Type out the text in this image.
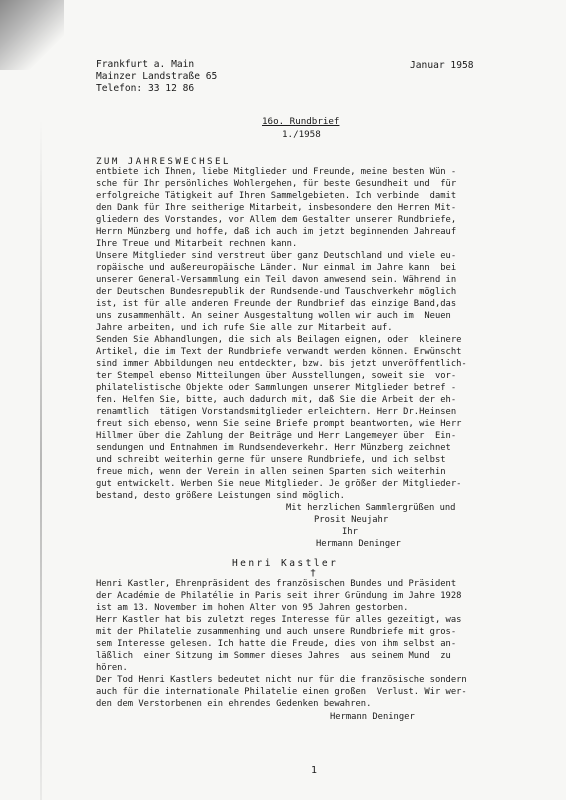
Frankfurt a. Main
Mainzer Landstraße 65
Telefon: 33 12 86
Januar 1958
16o. Rundbrief
1./1958
ZUM JAHRESWECHSEL
entbiete ich Ihnen, liebe Mitglieder und Freunde, meine besten Wün -
sche für Ihr persönliches Wohlergehen, für beste Gesundheit und  für
erfolgreiche Tätigkeit auf Ihren Sammelgebieten. Ich verbinde  damit
den Dank für Ihre seitherige Mitarbeit, insbesondere den Herren Mit-
gliedern des Vorstandes, vor Allem dem Gestalter unserer Rundbriefe,
Herrn Münzberg und hoffe, daß ich auch im jetzt beginnenden Jahreauf
Ihre Treue und Mitarbeit rechnen kann.
Unsere Mitglieder sind verstreut über ganz Deutschland und viele eu-
ropäische und außereuropäische Länder. Nur einmal im Jahre kann  bei
unserer General-Versammlung ein Teil davon anwesend sein. Während in
der Deutschen Bundesrepublik der Rundsende-und Tauschverkehr möglich
ist, ist für alle anderen Freunde der Rundbrief das einzige Band,das
uns zusammenhält. An seiner Ausgestaltung wollen wir auch im  Neuen
Jahre arbeiten, und ich rufe Sie alle zur Mitarbeit auf.
Senden Sie Abhandlungen, die sich als Beilagen eignen, oder  kleinere
Artikel, die im Text der Rundbriefe verwandt werden können. Erwünscht
sind immer Abbildungen neu entdeckter, bzw. bis jetzt unveröffentlich-
ter Stempel ebenso Mitteilungen über Ausstellungen, soweit sie  vor-
philatelistische Objekte oder Sammlungen unserer Mitglieder betref -
fen. Helfen Sie, bitte, auch dadurch mit, daß Sie die Arbeit der eh-
renamtlich  tätigen Vorstandsmitglieder erleichtern. Herr Dr.Heinsen
freut sich ebenso, wenn Sie seine Briefe prompt beantworten, wie Herr
Hillmer über die Zahlung der Beiträge und Herr Langemeyer über  Ein-
sendungen und Entnahmen im Rundsendeverkehr. Herr Münzberg zeichnet
und schreibt weiterhin gerne für unsere Rundbriefe, und ich selbst
freue mich, wenn der Verein in allen seinen Sparten sich weiterhin
gut entwickelt. Werben Sie neue Mitglieder. Je größer der Mitglieder-
bestand, desto größere Leistungen sind möglich.
Mit herzlichen Sammlergrüßen und
Prosit Neujahr
Ihr
Hermann Deninger
Henri Kastler
†
Henri Kastler, Ehrenpräsident des französischen Bundes und Präsident
der Académie de Philatélie in Paris seit ihrer Gründung im Jahre 1928
ist am 13. November im hohen Alter von 95 Jahren gestorben.
Herr Kastler hat bis zuletzt reges Interesse für alles gezeitigt, was
mit der Philatelie zusammenhing und auch unsere Rundbriefe mit gros-
sem Interesse gelesen. Ich hatte die Freude, dies von ihm selbst an-
läßlich  einer Sitzung im Sommer dieses Jahres  aus seinem Mund  zu
hören.
Der Tod Henri Kastlers bedeutet nicht nur für die französische sondern
auch für die internationale Philatelie einen großen  Verlust. Wir wer-
den dem Verstorbenen ein ehrendes Gedenken bewahren.
Hermann Deninger
1
